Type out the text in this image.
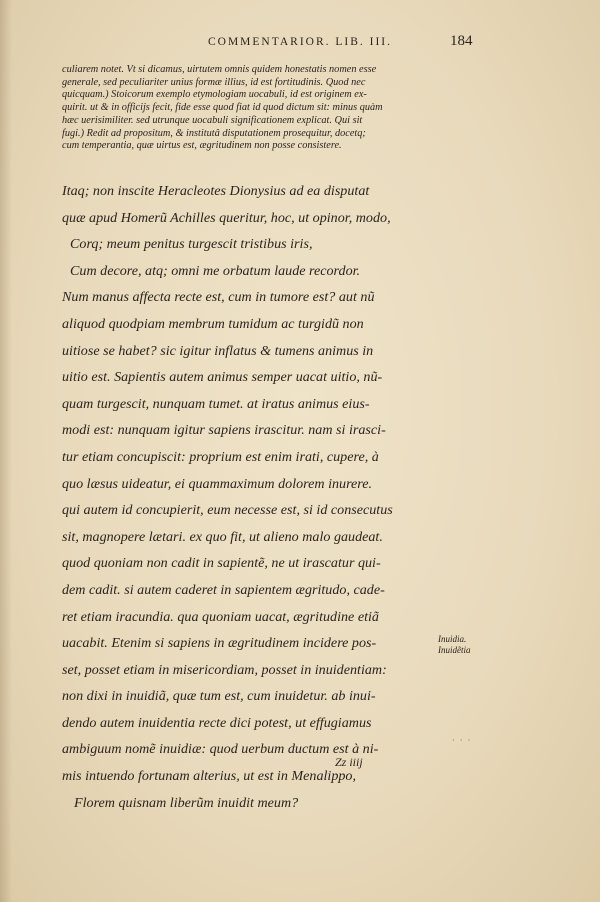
COMMENTARIOR. LIB. III.	184
culiarem notet. Vt si dicamus, uirtutem omnis quidem honestatis nomen esse
generale, sed peculiariter unius formæ illius, id est fortitudinis. Quod nec
quicquam.) Stoicorum exemplo etymologiam uocabuli, id est originem ex-
quirit. ut & in officijs fecit, fide esse quod fiat id quod dictum sit: minus quàm
hæc uerisimiliter. sed utrunque uocabuli significationem explicat. Qui sit
fugi.) Redit ad propositum, & institutâ disputationem prosequitur, docetq;
cum temperantia, quæ uirtus est, ægritudinem non posse consistere.
Itaq; non inscite Heracleotes Dionysius ad ea disputat
quæ apud Homerũ Achilles queritur, hoc, ut opinor, modo,
Corq; meum penitus turgescit tristibus iris,
Cum decore, atq; omni me orbatum laude recordor.
Num manus affecta recte est, cum in tumore est? aut nũ
aliquod quodpiam membrum tumidum ac turgidũ non
uitiose se habet? sic igitur inflatus & tumens animus in
uitio est. Sapientis autem animus semper uacat uitio, nũ-
quam turgescit, nunquam tumet. at iratus animus eius-
modi est: nunquam igitur sapiens irascitur. nam si irasci-
tur etiam concupiscit: proprium est enim irati, cupere, à
quo læsus uideatur, ei quammaximum dolorem inurere.
qui autem id concupierit, eum necesse est, si id consecutus
sit, magnopere lætari. ex quo fit, ut alieno malo gaudeat.
quod quoniam non cadit in sapientẽ, ne ut irascatur qui-
dem cadit. si autem caderet in sapientem ægritudo, cade-
ret etiam iracundia. qua quoniam uacat, ægritudine etiã
uacabit. Etenim si sapiens in ægritudinem incidere pos-
set, posset etiam in misericordiam, posset in inuidentiam:
non dixi in inuidiã, quæ tum est, cum inuidetur. ab inui-
dendo autem inuidentia recte dici potest, ut effugiamus
ambiguum nomẽ inuidiæ: quod uerbum ductum est à ni-
mis intuendo fortunam alterius, ut est in Menalippo,
Florem quisnam liberũm inuidit meum?
Inuidia.
Inuidẽtia
· · ·
Zz iiij
